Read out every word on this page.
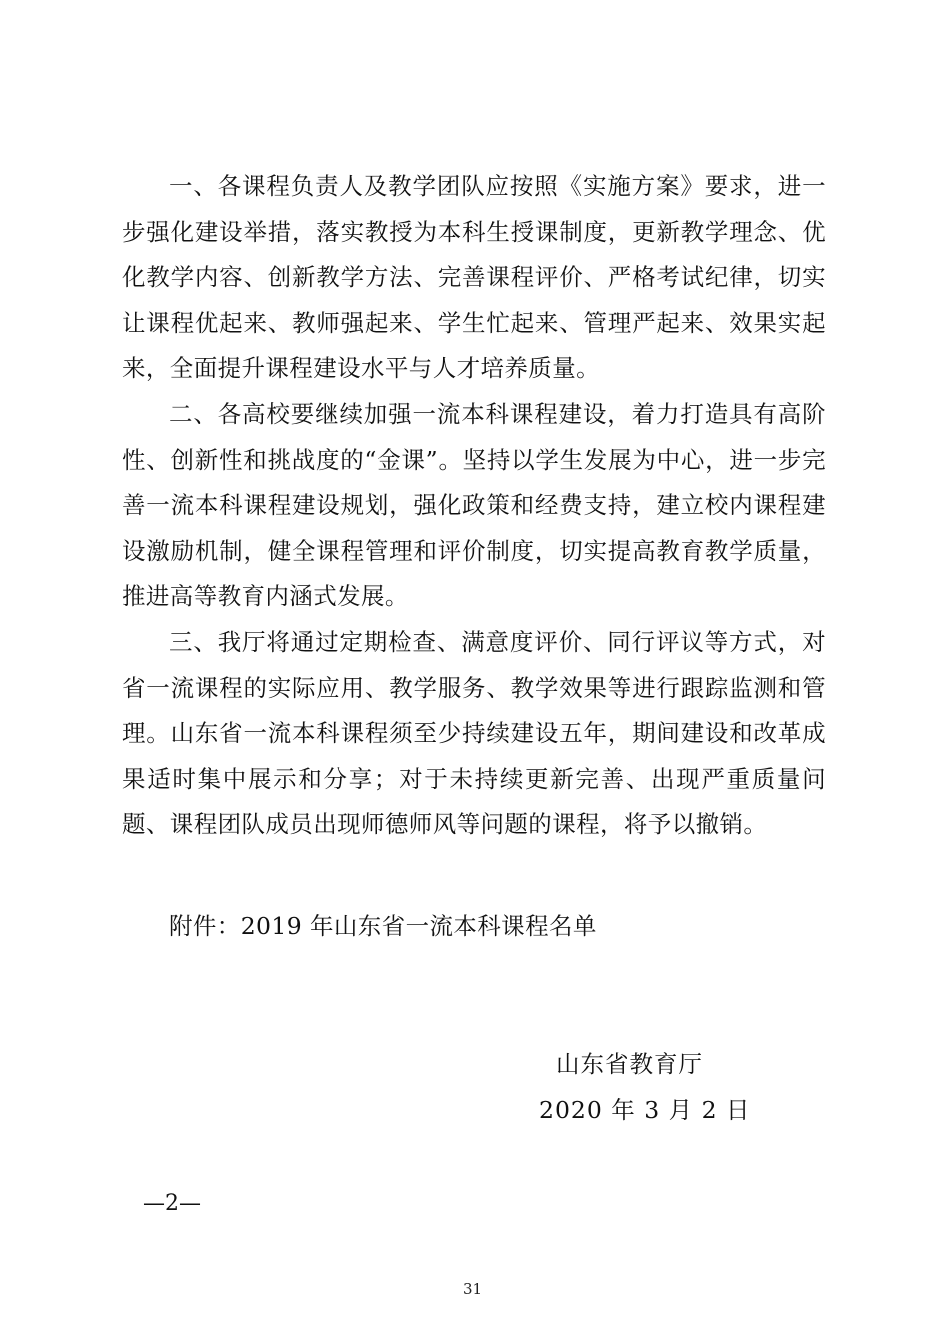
一、各课程负责人及教学团队应按照《实施方案》要求，进一步强化建设举措，落实教授为本科生授课制度，更新教学理念、优化教学内容、创新教学方法、完善课程评价、严格考试纪律，切实让课程优起来、教师强起来、学生忙起来、管理严起来、效果实起来，全面提升课程建设水平与人才培养质量。

二、各高校要继续加强一流本科课程建设，着力打造具有高阶性、创新性和挑战度的“金课”。坚持以学生发展为中心，进一步完善一流本科课程建设规划，强化政策和经费支持，建立校内课程建设激励机制，健全课程管理和评价制度，切实提高教育教学质量，推进高等教育内涵式发展。

三、我厅将通过定期检查、满意度评价、同行评议等方式，对省一流课程的实际应用、教学服务、教学效果等进行跟踪监测和管理。山东省一流本科课程须至少持续建设五年，期间建设和改革成果适时集中展示和分享；对于未持续更新完善、出现严重质量问题、课程团队成员出现师德师风等问题的课程，将予以撤销。

附件：2019 年山东省一流本科课程名单
山东省教育厅
2020 年 3 月 2 日
—2—
31
